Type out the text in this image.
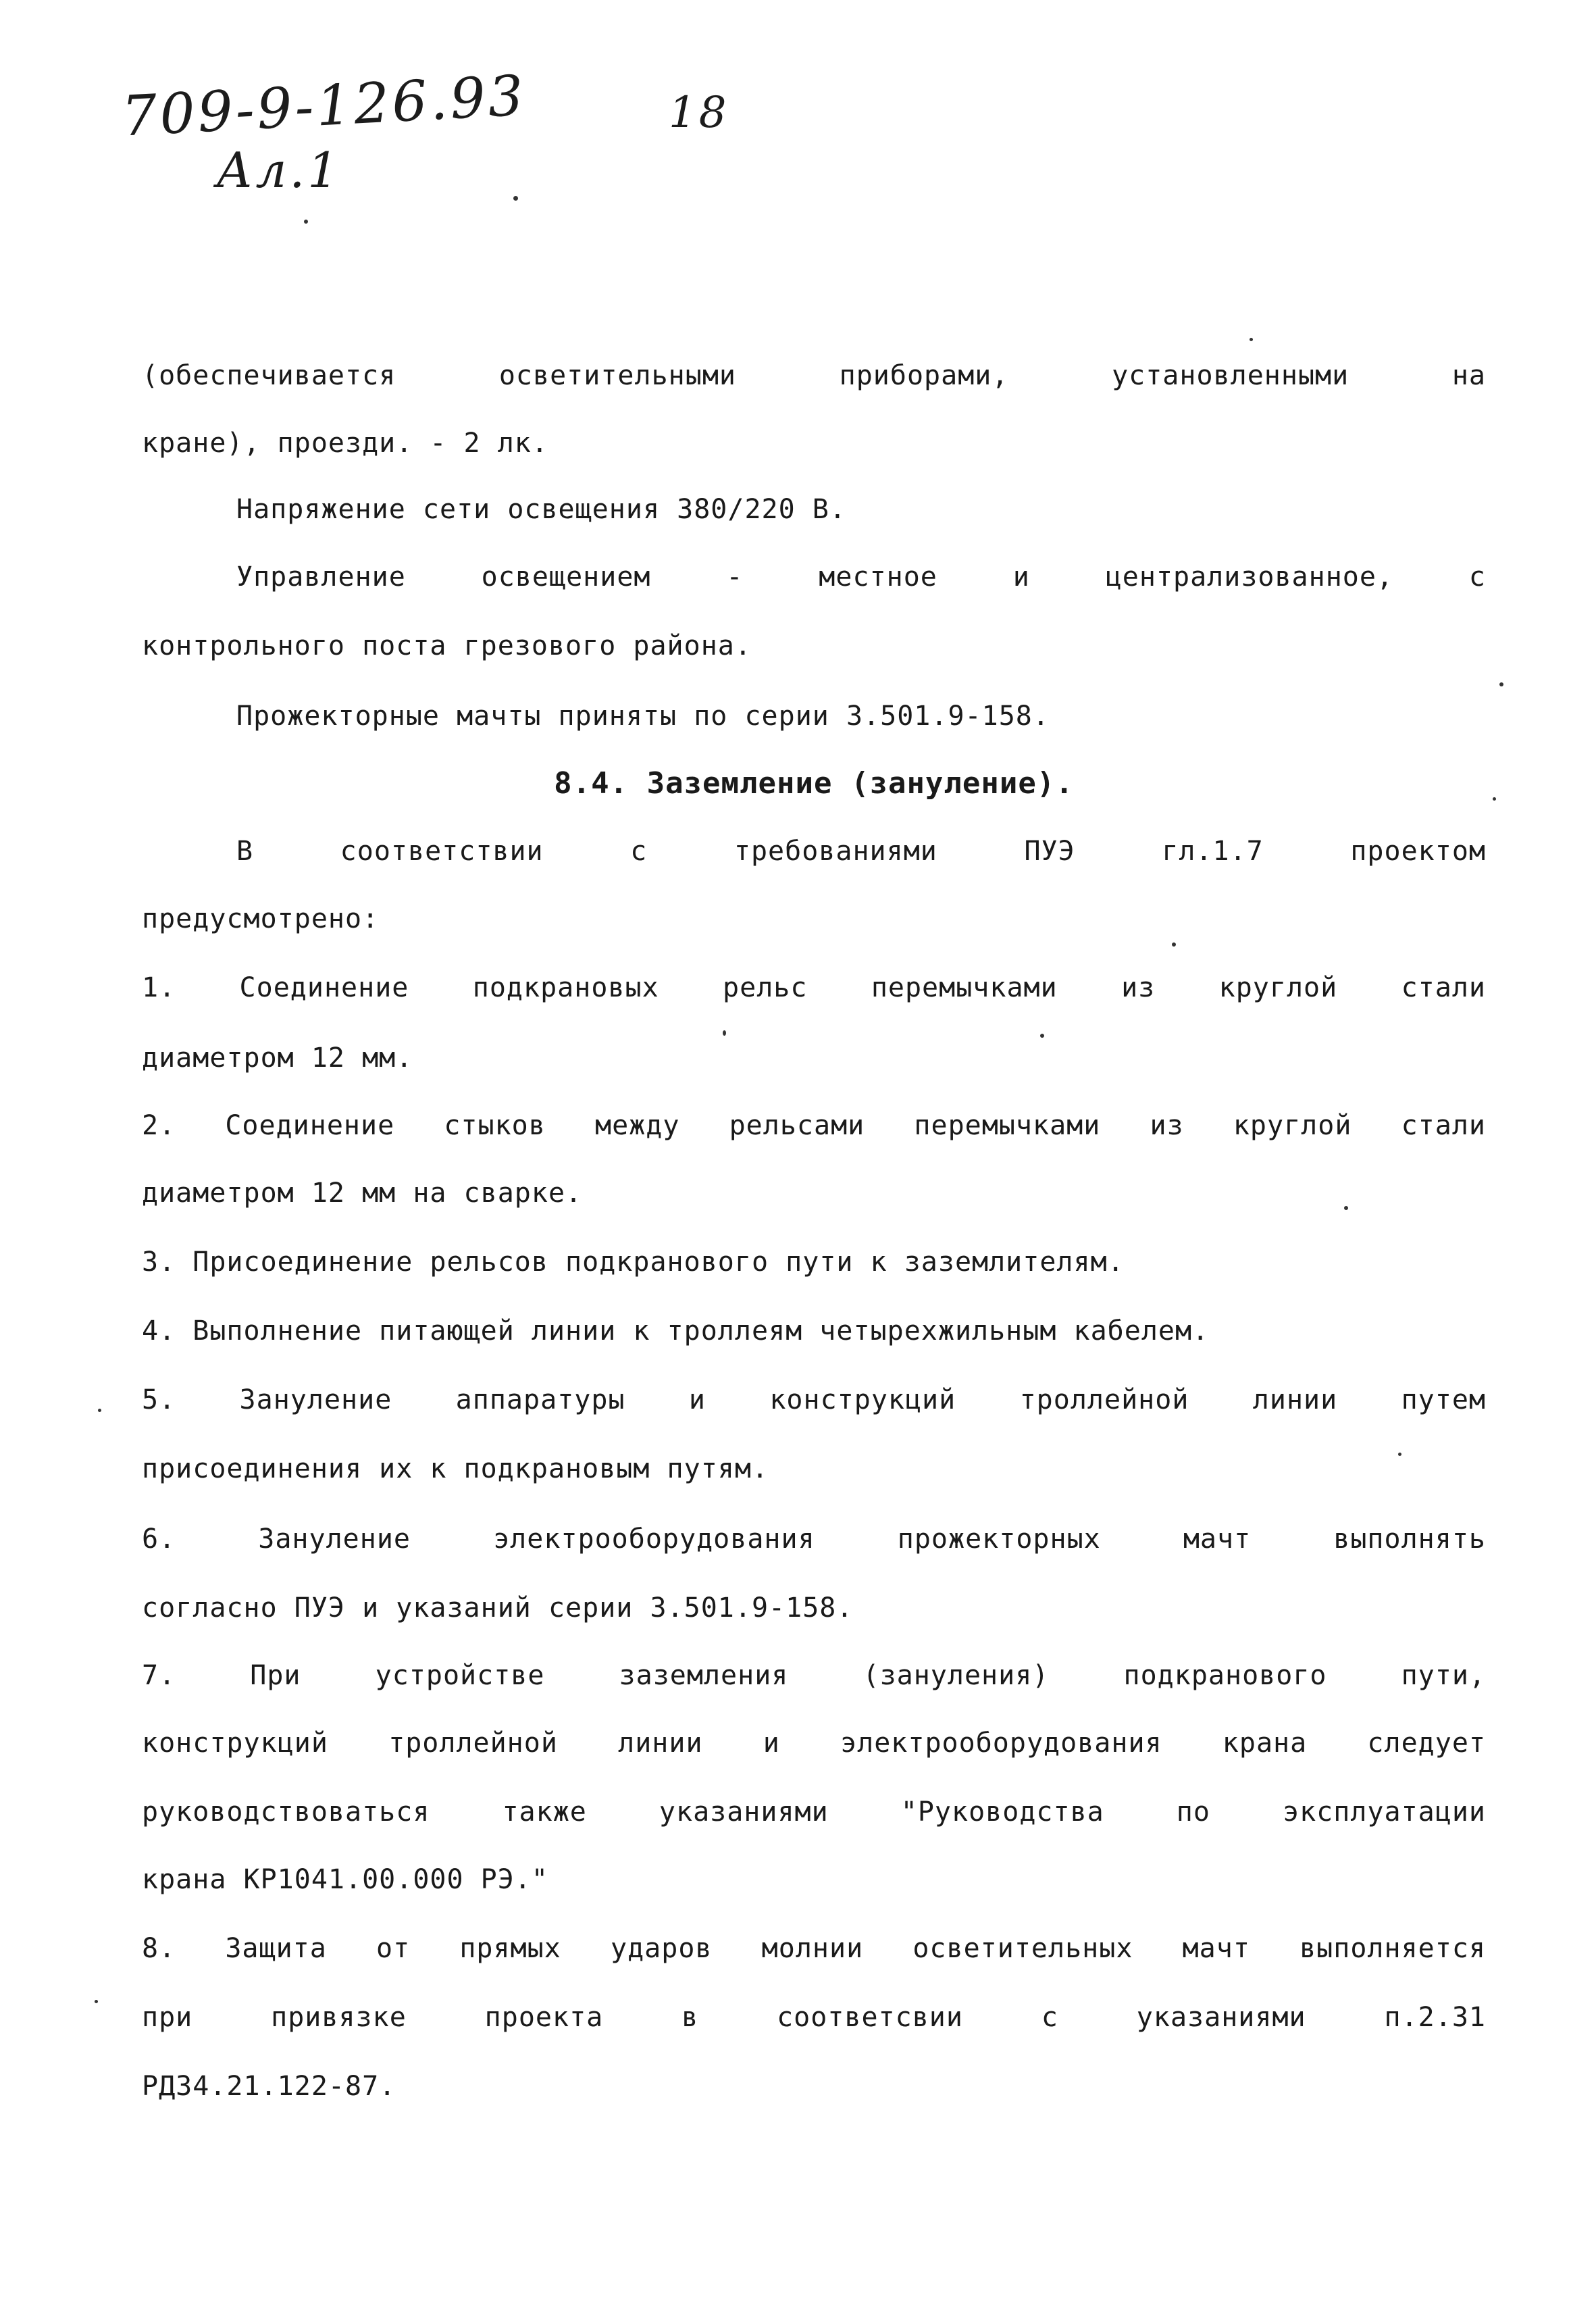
709-9-126.93	18
Ал.1
(обеспечивается осветительными приборами, установленными на
кране), проезди. - 2 лк.
Напряжение сети освещения 380/220 В.
Управление освещением - местное и централизованное, с
контрольного поста грезового района.
Прожекторные мачты приняты по серии 3.501.9-158.
8.4. Заземление (зануление).
В соответствии с требованиями ПУЭ гл.1.7 проектом
предусмотрено:
1. Соединение подкрановых рельс перемычками из круглой стали
диаметром 12 мм.
2. Соединение стыков между рельсами перемычками из круглой стали
диаметром 12 мм на сварке.
3. Присоединение рельсов подкранового пути к заземлителям.
4. Выполнение питающей линии к троллеям четырехжильным кабелем.
5. Зануление аппаратуры и конструкций троллейной линии путем
присоединения их к подкрановым путям.
6. Зануление электрооборудования прожекторных мачт выполнять
согласно ПУЭ и указаний серии 3.501.9-158.
7. При устройстве заземления (зануления) подкранового пути,
конструкций троллейной линии и электрооборудования крана следует
руководствоваться также указаниями "Руководства по эксплуатации
крана КР1041.00.000 РЭ."
8. Защита от прямых ударов молнии осветительных мачт выполняется
при привязке проекта в соответсвии с указаниями п.2.31
РД34.21.122-87.
